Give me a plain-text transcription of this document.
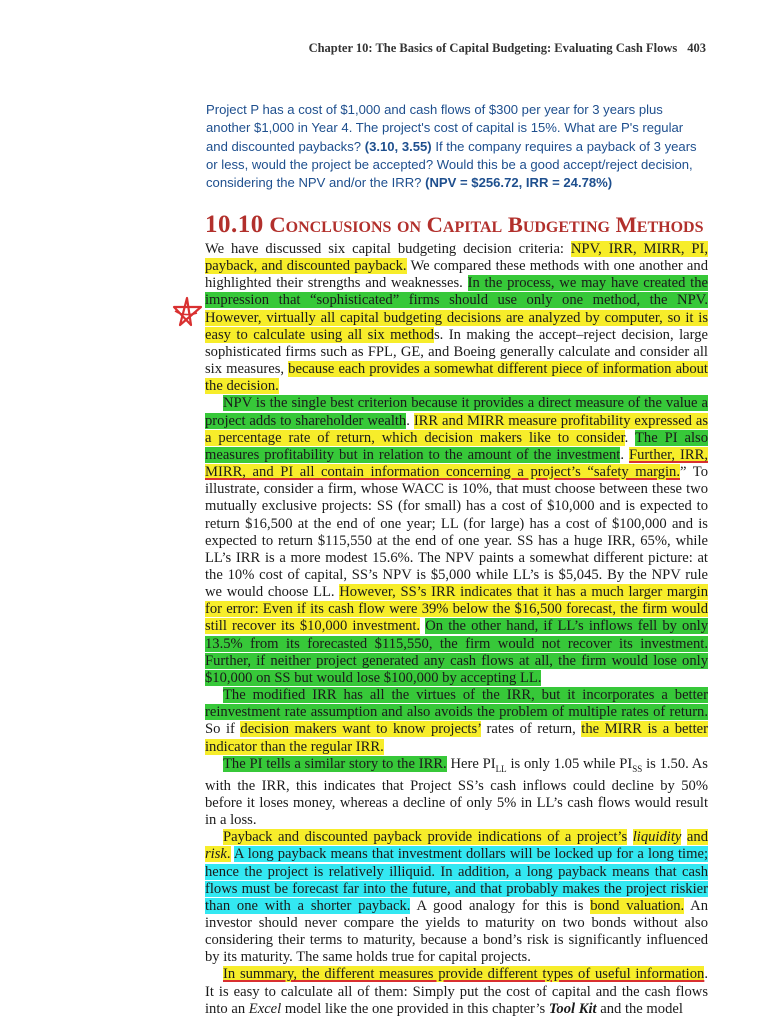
Chapter 10: The Basics of Capital Budgeting: Evaluating Cash Flows 403
Project P has a cost of $1,000 and cash flows of $300 per year for 3 years plus another $1,000 in Year 4. The project's cost of capital is 15%. What are P's regular and discounted paybacks? (3.10, 3.55) If the company requires a payback of 3 years or less, would the project be accepted? Would this be a good accept/reject decision, considering the NPV and/or the IRR? (NPV = $256.72, IRR = 24.78%)
10.10 Conclusions on Capital Budgeting Methods

We have discussed six capital budgeting decision criteria: NPV, IRR, MIRR, PI, payback, and discounted payback. We compared these methods with one another and highlighted their strengths and weaknesses. In the process, we may have created the impression that “sophisticated” firms should use only one method, the NPV. However, virtually all capital budgeting decisions are analyzed by computer, so it is easy to calculate using all six methods. In making the accept–reject decision, large sophisticated firms such as FPL, GE, and Boeing generally calculate and consider all six measures, because each provides a somewhat different piece of information about the decision.

NPV is the single best criterion because it provides a direct measure of the value a project adds to shareholder wealth. IRR and MIRR measure profitability expressed as a percentage rate of return, which decision makers like to consider. The PI also measures profitability but in relation to the amount of the investment. Further, IRR, MIRR, and PI all contain information concerning a project’s “safety margin.” To illustrate, consider a firm, whose WACC is 10%, that must choose between these two mutually exclusive projects: SS (for small) has a cost of $10,000 and is expected to return $16,500 at the end of one year; LL (for large) has a cost of $100,000 and is expected to return $115,550 at the end of one year. SS has a huge IRR, 65%, while LL’s IRR is a more modest 15.6%. The NPV paints a somewhat different picture: at the 10% cost of capital, SS’s NPV is $5,000 while LL’s is $5,045. By the NPV rule we would choose LL. However, SS’s IRR indicates that it has a much larger margin for error: Even if its cash flow were 39% below the $16,500 forecast, the firm would still recover its $10,000 investment. On the other hand, if LL’s inflows fell by only 13.5% from its forecasted $115,550, the firm would not recover its investment. Further, if neither project generated any cash flows at all, the firm would lose only $10,000 on SS but would lose $100,000 by accepting LL.

The modified IRR has all the virtues of the IRR, but it incorporates a better reinvestment rate assumption and also avoids the problem of multiple rates of return. So if decision makers want to know projects’ rates of return, the MIRR is a better indicator than the regular IRR.

The PI tells a similar story to the IRR. Here $PI_{LL}$ is only 1.05 while $PI_{SS}$ is 1.50. As with the IRR, this indicates that Project SS’s cash inflows could decline by 50% before it loses money, whereas a decline of only 5% in LL’s cash flows would result in a loss.

Payback and discounted payback provide indications of a project’s liquidity and risk. A long payback means that investment dollars will be locked up for a long time; hence the project is relatively illiquid. In addition, a long payback means that cash flows must be forecast far into the future, and that probably makes the project riskier than one with a shorter payback. A good analogy for this is bond valuation. An investor should never compare the yields to maturity on two bonds without also considering their terms to maturity, because a bond’s risk is significantly influenced by its maturity. The same holds true for capital projects.

In summary, the different measures provide different types of useful information. It is easy to calculate all of them: Simply put the cost of capital and the cash flows into an Excel model like the one provided in this chapter’s Tool Kit and the model
